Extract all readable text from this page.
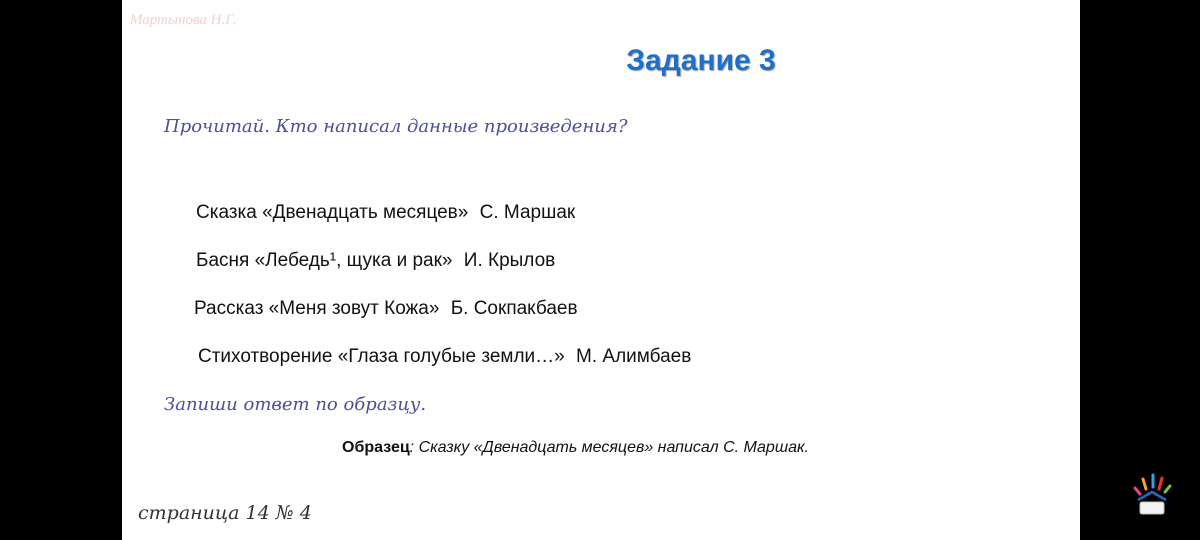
Мартынова Н.Г.
Задание 3
Прочитай. Кто написал данные произведения?
Сказка «Двенадцать месяцев» С. Маршак
Басня «Лебедь¹, щука и рак» И. Крылов
Рассказ «Меня зовут Кожа» Б. Сокпакбаев
Стихотворение «Глаза голубые земли…» М. Алимбаев
Запиши ответ по образцу.
Образец: Сказку «Двенадцать месяцев» написал С. Маршак.
страница 14 № 4
